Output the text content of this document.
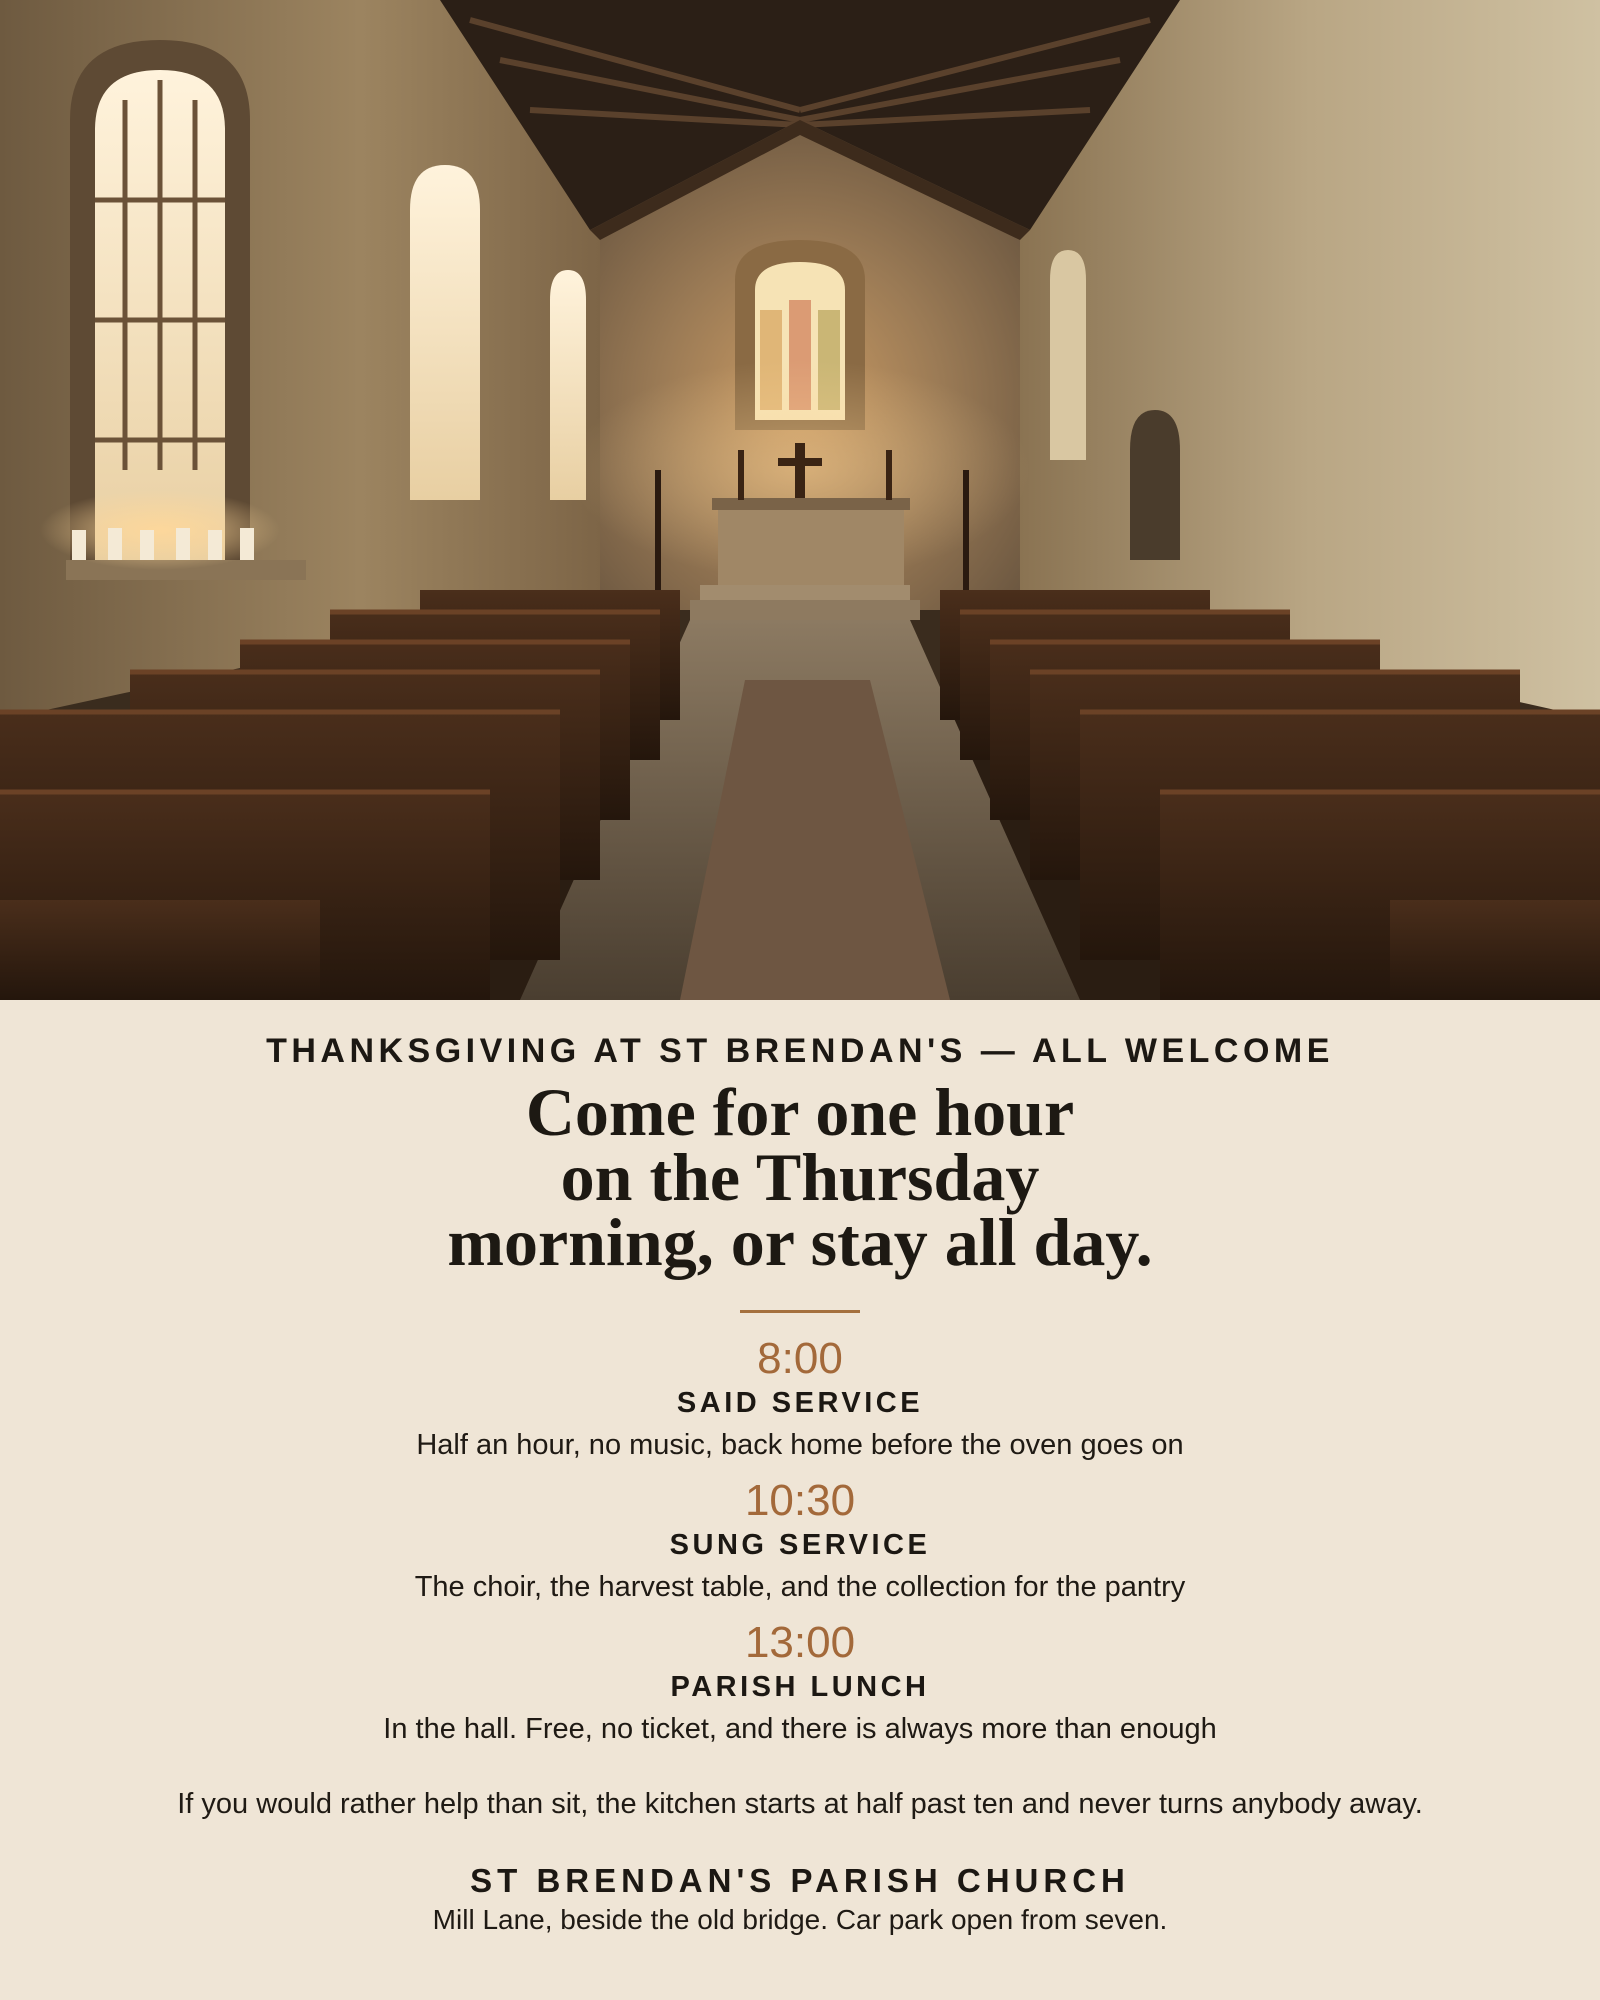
THANKSGIVING AT ST BRENDAN'S — ALL WELCOME
Come for one hour
on the Thursday
morning, or stay all day.
8:00
SAID SERVICE
Half an hour, no music, back home before the oven goes on
10:30
SUNG SERVICE
The choir, the harvest table, and the collection for the pantry
13:00
PARISH LUNCH
In the hall. Free, no ticket, and there is always more than enough
If you would rather help than sit, the kitchen starts at half past ten and never turns anybody away.
ST BRENDAN'S PARISH CHURCH
Mill Lane, beside the old bridge. Car park open from seven.
